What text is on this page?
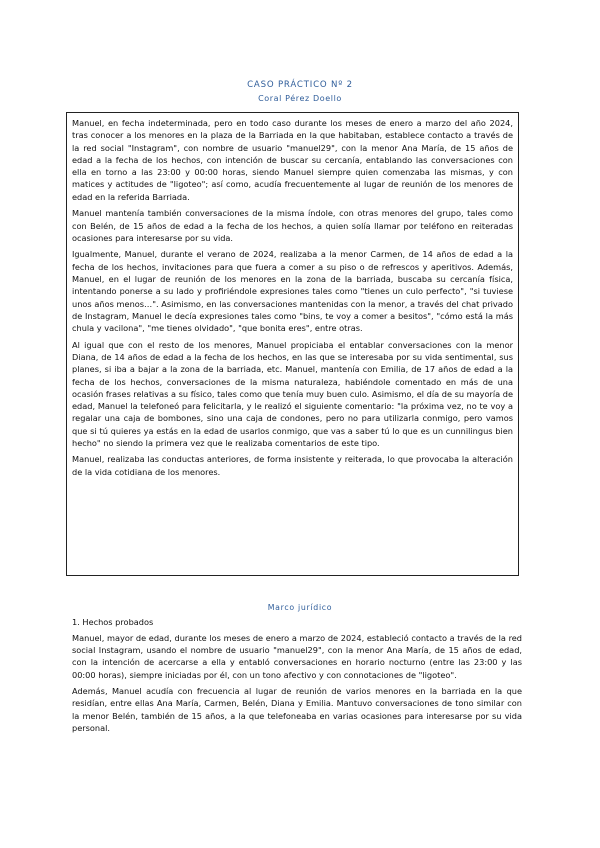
CASO PRÁCTICO Nº 2
Coral Pérez Doello

Manuel, en fecha indeterminada, pero en todo caso durante los meses de enero a marzo del año 2024, tras conocer a los menores en la plaza de la Barriada en la que habitaban, establece contacto a través de la red social "Instagram", con nombre de usuario "manuel29", con la menor Ana María, de 15 años de edad a la fecha de los hechos, con intención de buscar su cercanía, entablando las conversaciones con ella en torno a las 23:00 y 00:00 horas, siendo Manuel siempre quien comenzaba las mismas, y con matices y actitudes de "ligoteo"; así como, acudía frecuentemente al lugar de reunión de los menores de edad en la referida Barriada.

Manuel mantenía también conversaciones de la misma índole, con otras menores del grupo, tales como con Belén, de 15 años de edad a la fecha de los hechos, a quien solía llamar por teléfono en reiteradas ocasiones para interesarse por su vida.

Igualmente, Manuel, durante el verano de 2024, realizaba a la menor Carmen, de 14 años de edad a la fecha de los hechos, invitaciones para que fuera a comer a su piso o de refrescos y aperitivos. Además, Manuel, en el lugar de reunión de los menores en la zona de la barriada, buscaba su cercanía física, intentando ponerse a su lado y profiriéndole expresiones tales como "tienes un culo perfecto", "si tuviese unos años menos…". Asimismo, en las conversaciones mantenidas con la menor, a través del chat privado de Instagram, Manuel le decía expresiones tales como "bins, te voy a comer a besitos", "cómo está la más chula y vacilona", "me tienes olvidado", "que bonita eres", entre otras.

Al igual que con el resto de los menores, Manuel propiciaba el entablar conversaciones con la menor Diana, de 14 años de edad a la fecha de los hechos, en las que se interesaba por su vida sentimental, sus planes, si iba a bajar a la zona de la barriada, etc. Manuel, mantenía con Emilia, de 17 años de edad a la fecha de los hechos, conversaciones de la misma naturaleza, habiéndole comentado en más de una ocasión frases relativas a su físico, tales como que tenía muy buen culo. Asimismo, el día de su mayoría de edad, Manuel la telefoneó para felicitarla, y le realizó el siguiente comentario: "la próxima vez, no te voy a regalar una caja de bombones, sino una caja de condones, pero no para utilizarla conmigo, pero vamos que si tú quieres ya estás en la edad de usarlos conmigo, que vas a saber tú lo que es un cunnilingus bien hecho" no siendo la primera vez que le realizaba comentarios de este tipo.

Manuel, realizaba las conductas anteriores, de forma insistente y reiterada, lo que provocaba la alteración de la vida cotidiana de los menores.

Marco jurídico

1. Hechos probados

Manuel, mayor de edad, durante los meses de enero a marzo de 2024, estableció contacto a través de la red social Instagram, usando el nombre de usuario "manuel29", con la menor Ana María, de 15 años de edad, con la intención de acercarse a ella y entabló conversaciones en horario nocturno (entre las 23:00 y las 00:00 horas), siempre iniciadas por él, con un tono afectivo y con connotaciones de "ligoteo".

Además, Manuel acudía con frecuencia al lugar de reunión de varios menores en la barriada en la que residían, entre ellas Ana María, Carmen, Belén, Diana y Emilia. Mantuvo conversaciones de tono similar con la menor Belén, también de 15 años, a la que telefoneaba en varias ocasiones para interesarse por su vida personal.
